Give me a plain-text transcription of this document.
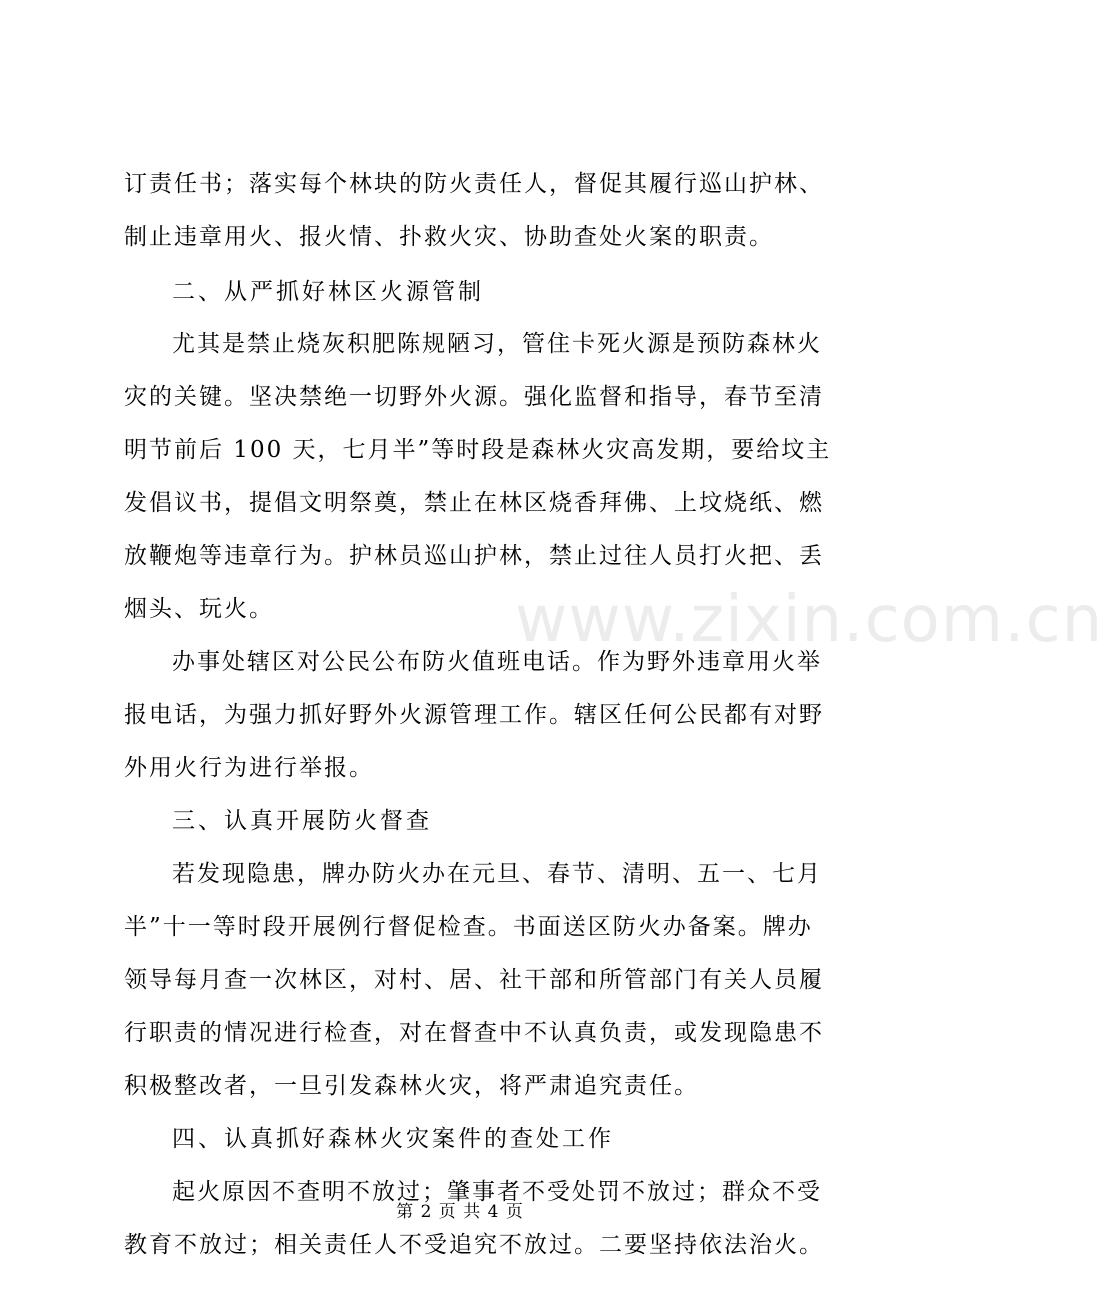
www.zixin.com.cn
订责任书；落实每个林块的防火责任人，督促其履行巡山护林、
制止违章用火、报火情、扑救火灾、协助查处火案的职责。
二、从严抓好林区火源管制
尤其是禁止烧灰积肥陈规陋习，管住卡死火源是预防森林火
灾的关键。坚决禁绝一切野外火源。强化监督和指导，春节至清
明节前后 100 天，七月半”等时段是森林火灾高发期，要给坟主
发倡议书，提倡文明祭奠，禁止在林区烧香拜佛、上坟烧纸、燃
放鞭炮等违章行为。护林员巡山护林，禁止过往人员打火把、丢
烟头、玩火。
办事处辖区对公民公布防火值班电话。作为野外违章用火举
报电话，为强力抓好野外火源管理工作。辖区任何公民都有对野
外用火行为进行举报。
三、认真开展防火督查
若发现隐患，牌办防火办在元旦、春节、清明、五一、七月
半”十一等时段开展例行督促检查。书面送区防火办备案。牌办
领导每月查一次林区，对村、居、社干部和所管部门有关人员履
行职责的情况进行检查，对在督查中不认真负责，或发现隐患不
积极整改者，一旦引发森林火灾，将严肃追究责任。
四、认真抓好森林火灾案件的查处工作
起火原因不查明不放过；肇事者不受处罚不放过；群众不受
教育不放过；相关责任人不受追究不放过。二要坚持依法治火。
第 2 页 共 4 页
